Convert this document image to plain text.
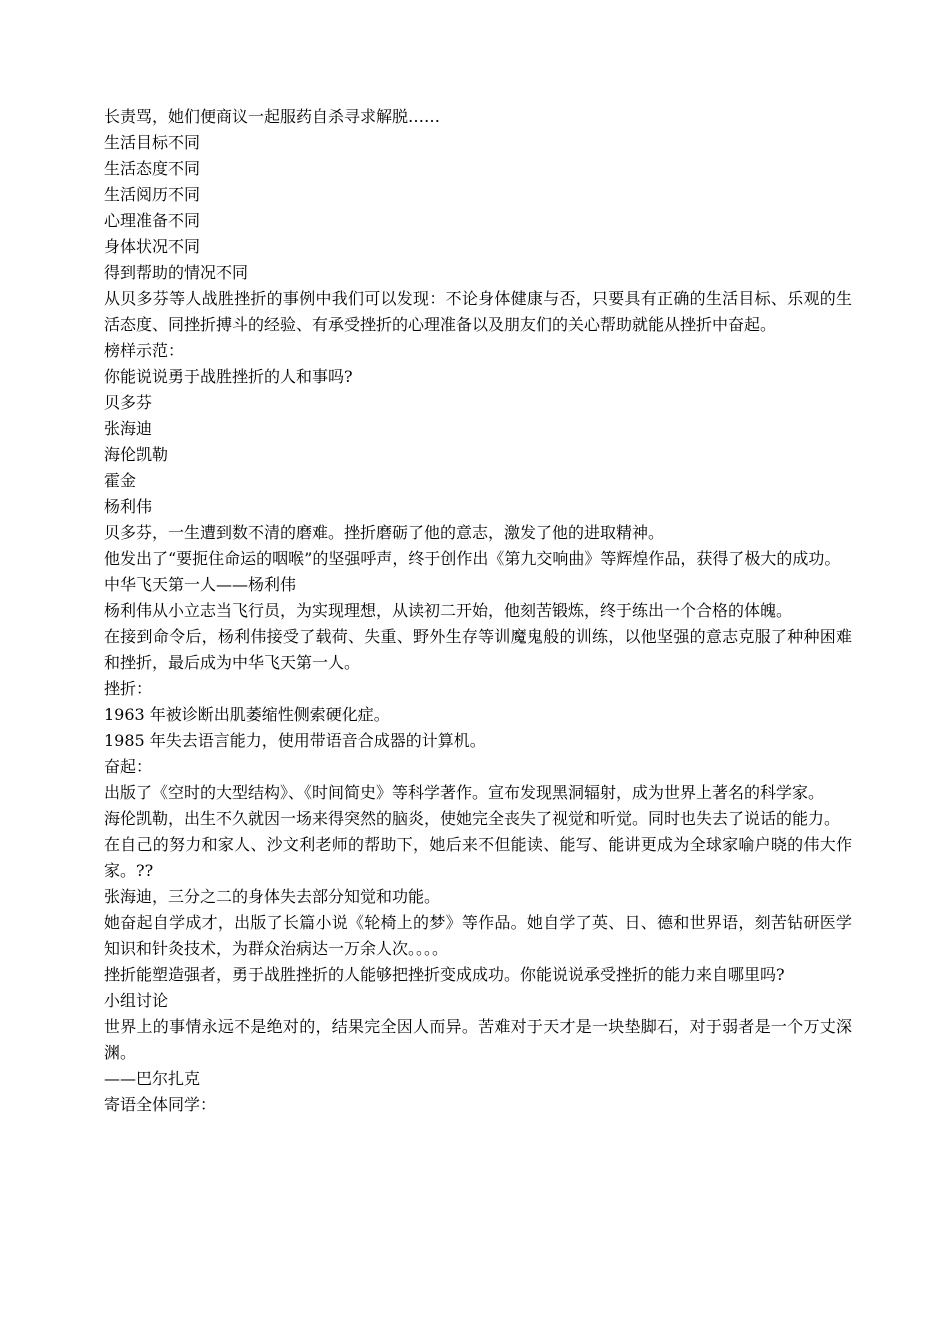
长责骂，她们便商议一起服药自杀寻求解脱……

生活目标不同

生活态度不同

生活阅历不同

心理准备不同

身体状况不同

得到帮助的情况不同

从贝多芬等人战胜挫折的事例中我们可以发现：不论身体健康与否，只要具有正确的生活目标、乐观的生活态度、同挫折搏斗的经验、有承受挫折的心理准备以及朋友们的关心帮助就能从挫折中奋起。

榜样示范：

你能说说勇于战胜挫折的人和事吗?

贝多芬

张海迪

海伦凯勒

霍金

杨利伟

贝多芬，一生遭到数不清的磨难。挫折磨砺了他的意志，激发了他的进取精神。

他发出了“要扼住命运的咽喉”的坚强呼声，终于创作出《第九交响曲》等辉煌作品，获得了极大的成功。

中华飞天第一人——杨利伟

杨利伟从小立志当飞行员，为实现理想，从读初二开始，他刻苦锻炼，终于练出一个合格的体魄。

在接到命令后，杨利伟接受了载荷、失重、野外生存等训魔鬼般的训练，以他坚强的意志克服了种种困难和挫折，最后成为中华飞天第一人。

挫折：

1963 年被诊断出肌萎缩性侧索硬化症。

1985 年失去语言能力，使用带语音合成器的计算机。

奋起：

出版了《空时的大型结构》、《时间简史》等科学著作。宣布发现黑洞辐射，成为世界上著名的科学家。

海伦凯勒，出生不久就因一场来得突然的脑炎，使她完全丧失了视觉和听觉。同时也失去了说话的能力。

在自己的努力和家人、沙文利老师的帮助下，她后来不但能读、能写、能讲更成为全球家喻户晓的伟大作家。??

张海迪，三分之二的身体失去部分知觉和功能。

她奋起自学成才，出版了长篇小说《轮椅上的梦》等作品。她自学了英、日、德和世界语，刻苦钻研医学知识和针灸技术，为群众治病达一万余人次。。。。

挫折能塑造强者，勇于战胜挫折的人能够把挫折变成成功。你能说说承受挫折的能力来自哪里吗?

小组讨论

世界上的事情永远不是绝对的，结果完全因人而异。苦难对于天才是一块垫脚石，对于弱者是一个万丈深渊。

——巴尔扎克

寄语全体同学：
